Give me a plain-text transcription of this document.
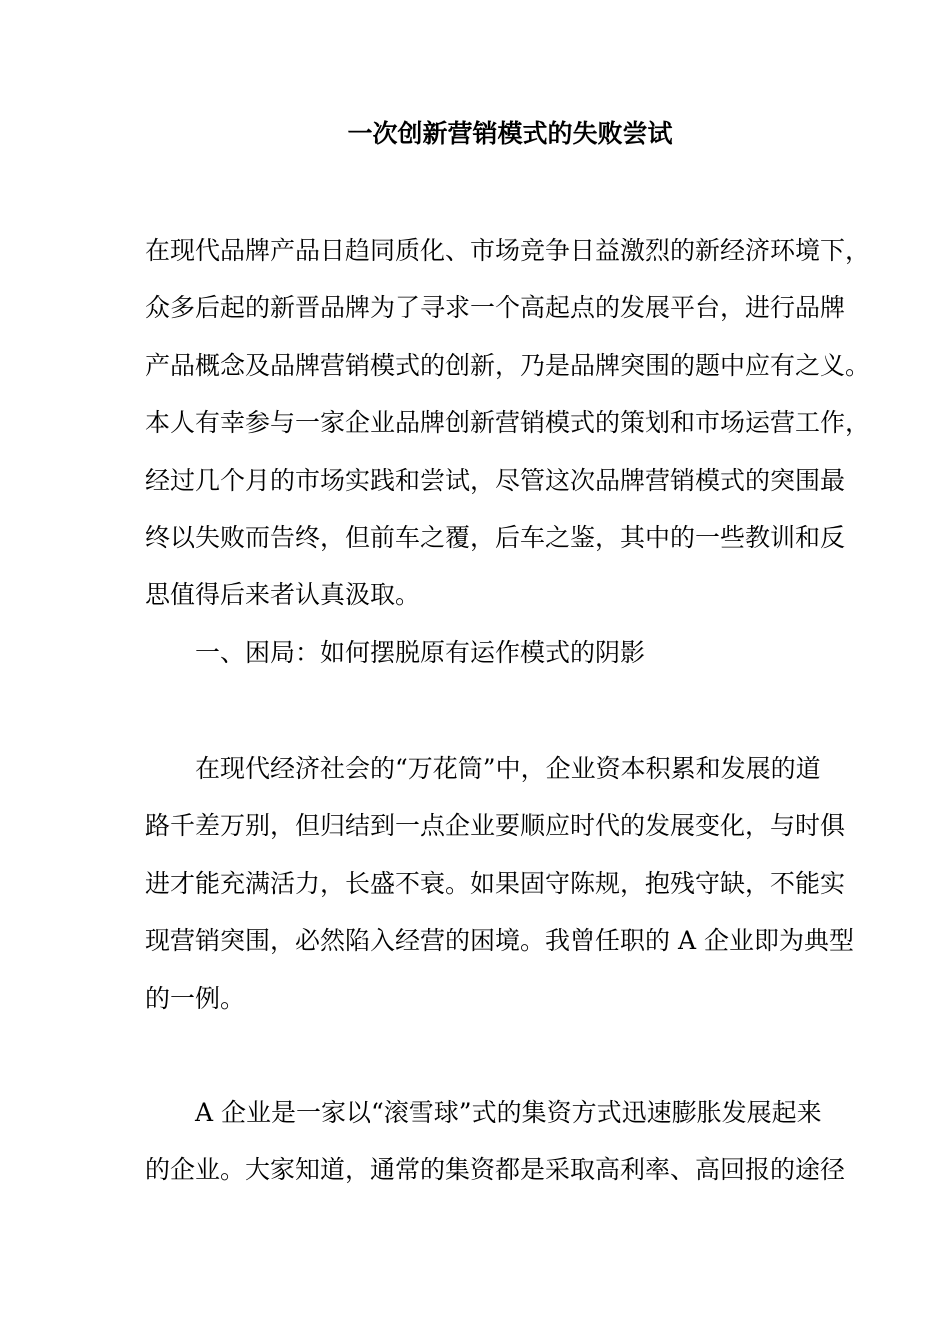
一次创新营销模式的失败尝试
在现代品牌产品日趋同质化、市场竞争日益激烈的新经济环境下，
众多后起的新晋品牌为了寻求一个高起点的发展平台，进行品牌
产品概念及品牌营销模式的创新，乃是品牌突围的题中应有之义。
本人有幸参与一家企业品牌创新营销模式的策划和市场运营工作，
经过几个月的市场实践和尝试，尽管这次品牌营销模式的突围最
终以失败而告终，但前车之覆，后车之鉴，其中的一些教训和反
思值得后来者认真汲取。
一、困局：如何摆脱原有运作模式的阴影
在现代经济社会的“万花筒”中，企业资本积累和发展的道
路千差万别，但归结到一点企业要顺应时代的发展变化，与时俱
进才能充满活力，长盛不衰。如果固守陈规，抱残守缺，不能实
现营销突围，必然陷入经营的困境。我曾任职的 A 企业即为典型
的一例。
A 企业是一家以“滚雪球”式的集资方式迅速膨胀发展起来
的企业。大家知道，通常的集资都是采取高利率、高回报的途径
